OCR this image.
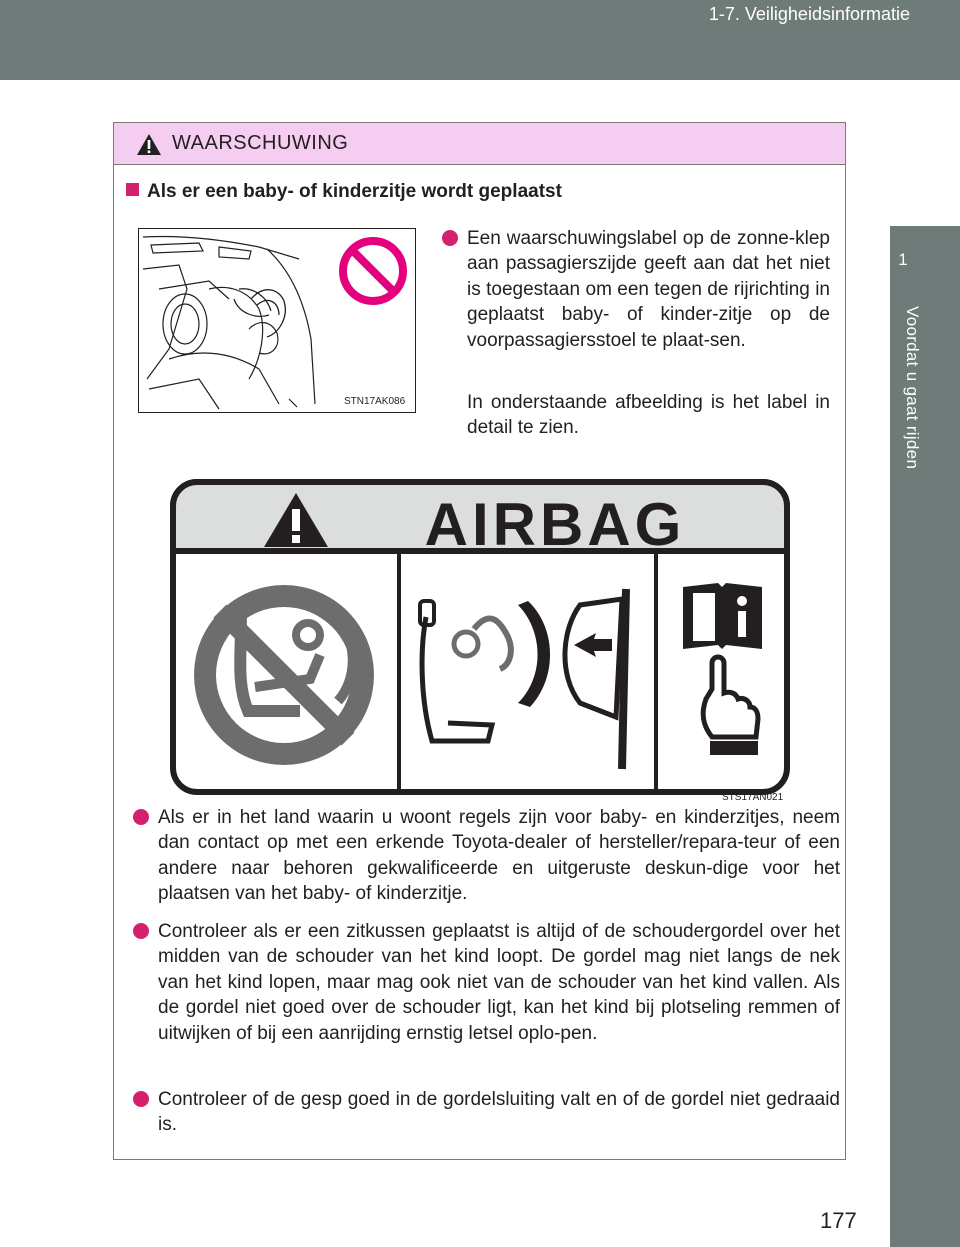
1-7. Veiligheidsinformatie
1
Voordat u gaat rijden
WAARSCHUWING
Als er een baby- of kinderzitje wordt geplaatst
STN17AK086
Een waarschuwingslabel op de zonne-klep aan passagierszijde geeft aan dat het niet is toegestaan om een tegen de rijrichting in geplaatst baby- of kinder-zitje op de voorpassagiersstoel te plaat-sen.
In onderstaande afbeelding is het label in detail te zien.
AIRBAG
STS17AN021
Als er in het land waarin u woont regels zijn voor baby- en kinderzitjes, neem dan contact op met een erkende Toyota-dealer of hersteller/repara-teur of een andere naar behoren gekwalificeerde en uitgeruste deskun-dige voor het plaatsen van het baby- of kinderzitje.
Controleer als er een zitkussen geplaatst is altijd of de schoudergordel over het midden van de schouder van het kind loopt. De gordel mag niet langs de nek van het kind lopen, maar mag ook niet van de schouder van het kind vallen. Als de gordel niet goed over de schouder ligt, kan het kind bij plotseling remmen of uitwijken of bij een aanrijding ernstig letsel oplo-pen.
Controleer of de gesp goed in de gordelsluiting valt en of de gordel niet gedraaid is.
177
